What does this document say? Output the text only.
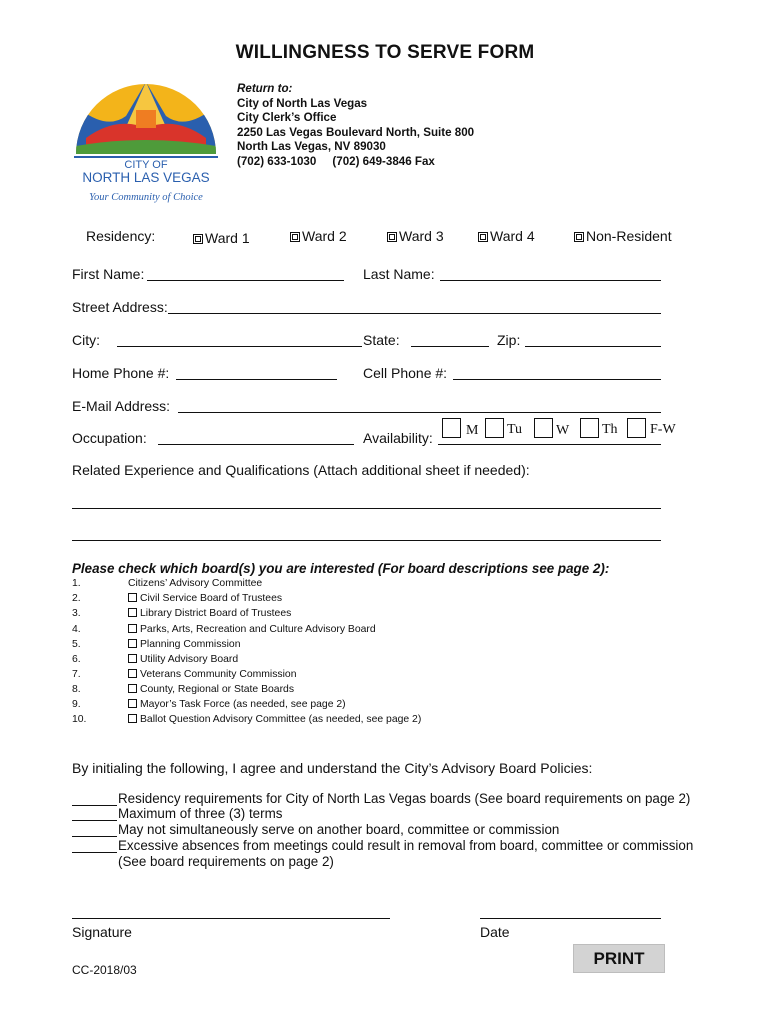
WILLINGNESS TO SERVE FORM
CITY OF
NORTH LAS VEGAS
Your Community of Choice
Return to:
City of North Las Vegas
City Clerk’s Office
2250 Las Vegas Boulevard North, Suite 800
North Las Vegas, NV 89030
(702) 633-1030     (702) 649-3846 Fax
Residency:	Ward 1	Ward 2	Ward 3	Ward 4	Non-Resident
First Name:	Last Name:
Street Address:
City:	State:	Zip:
Home Phone #:	Cell Phone #:
E-Mail Address:
Occupation:	Availability: M Tu W Th F-W
Related Experience and Qualifications (Attach additional sheet if needed):
Please check which board(s) you are interested (For board descriptions see page 2):
1.	Citizens’ Advisory Committee
2.	Civil Service Board of Trustees
3.	Library District Board of Trustees
4.	Parks, Arts, Recreation and Culture Advisory Board
5.	Planning Commission
6.	Utility Advisory Board
7.	Veterans Community Commission
8.	County, Regional or State Boards
9.	Mayor’s Task Force (as needed, see page 2)
10.	Ballot Question Advisory Committee (as needed, see page 2)
By initialing the following, I agree and understand the City’s Advisory Board Policies:
Residency requirements for City of North Las Vegas boards (See board requirements on page 2)
Maximum of three (3) terms
May not simultaneously serve on another board, committee or commission
Excessive absences from meetings could result in removal from board, committee or commission
(See board requirements on page 2)
Signature	Date
PRINT
CC-2018/03
